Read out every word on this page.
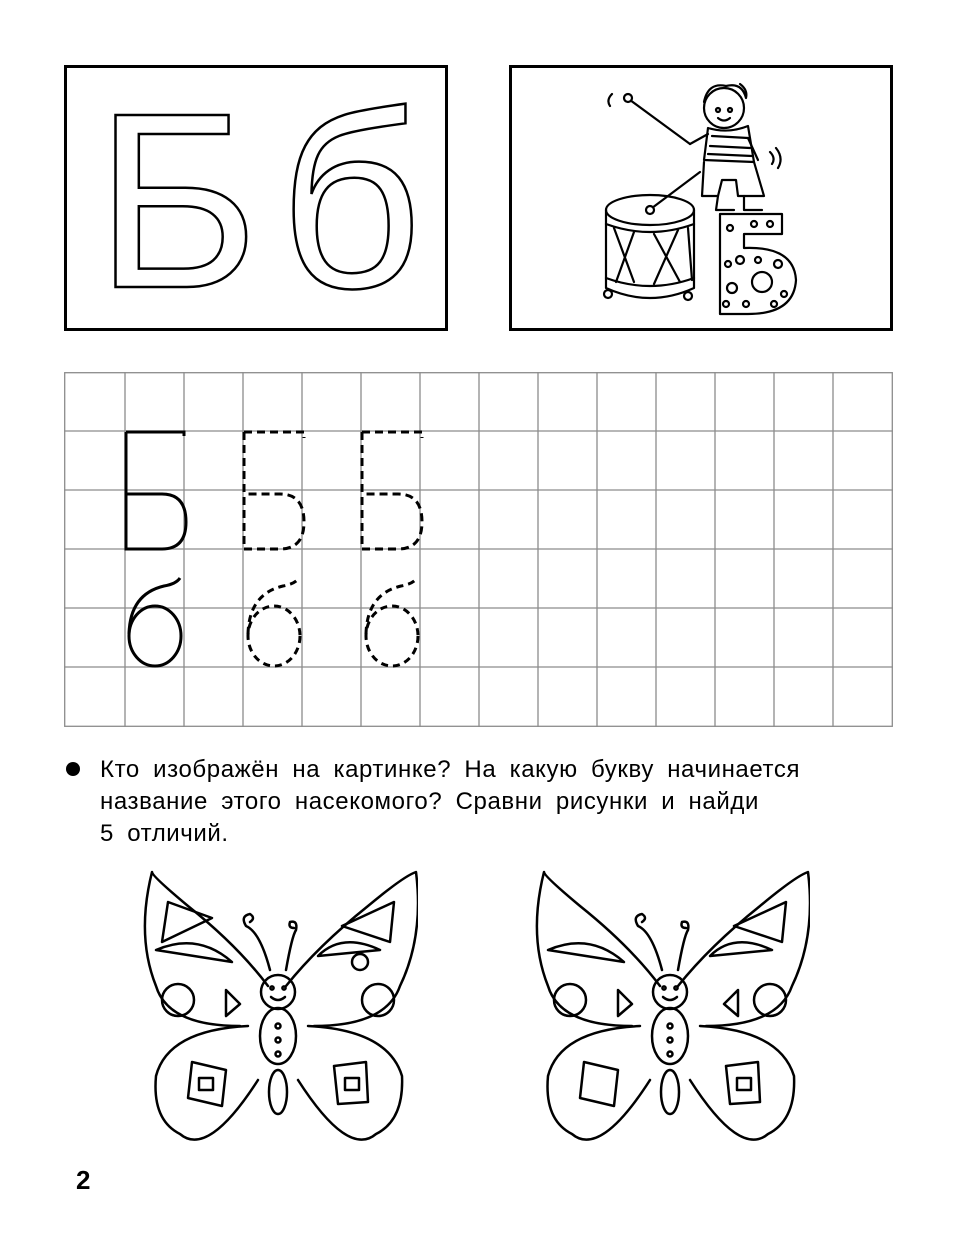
Б б
Кто изображён на картинке? На какую букву начинается
название этого насекомого? Сравни рисунки и найди
5 отличий.
2
